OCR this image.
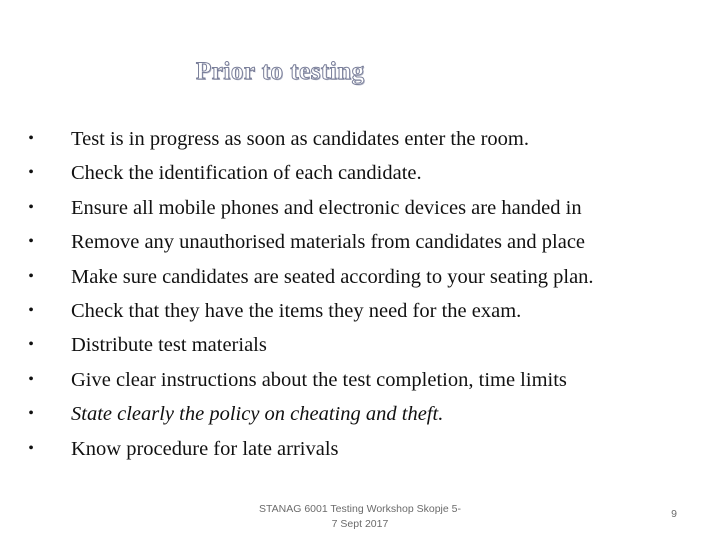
Prior to testing
• Test is in progress as soon as candidates enter the room.
• Check the identification of each candidate.
• Ensure all mobile phones and electronic devices are handed in
• Remove any unauthorised materials from candidates and place
• Make sure candidates are seated according to your seating plan.
• Check that they have the items they need for the exam.
• Distribute test materials
• Give clear instructions about the test completion, time limits
• State clearly the policy on cheating and theft.
• Know procedure for late arrivals
STANAG 6001 Testing Workshop Skopje 5-
7 Sept 2017
9
